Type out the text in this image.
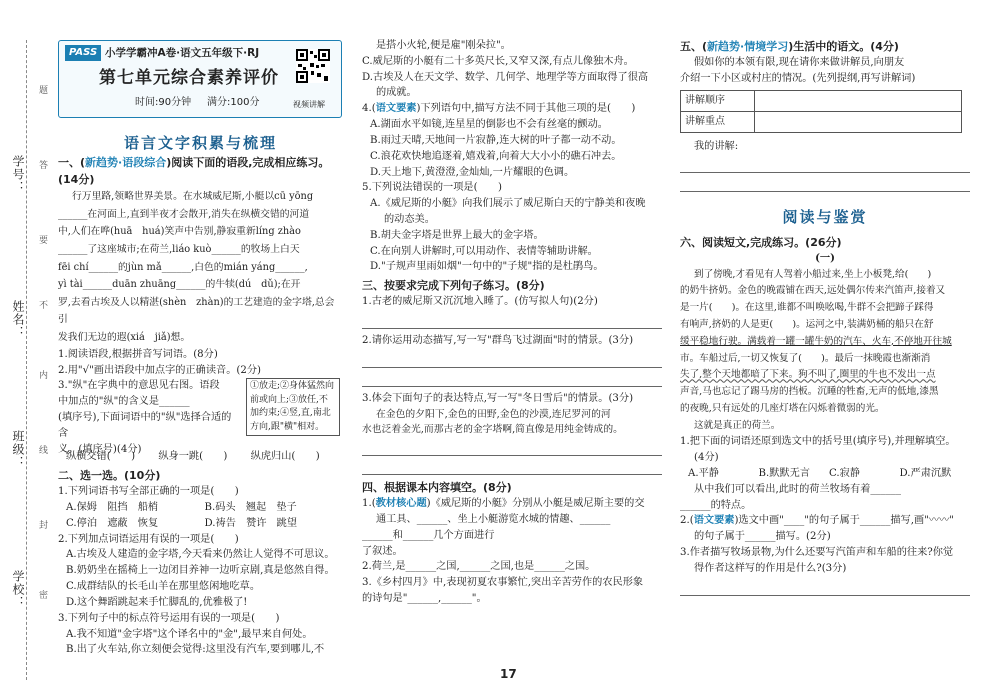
学号：
姓名：
班级：
学校：
题
答
要
不
内
线
封
密
PASS 小学学霸冲A卷·语文五年级下·RJ
第七单元综合素养评价
时间:90分钟 满分:100分	视频讲解
语言文字积累与梳理

一、(新趋势·语段综合)阅读下面的语段,完成相应练习。(14分)

行万里路,领略世界美景。在水城威尼斯,小艇以cū yōng

______在河面上,直到半夜才会散开,消失在纵横交错的河道

中,人们在哗(huā　huá)笑声中告别,静寂重新líng zhào

______了这座城市;在荷兰,liáo kuò______的牧场上白天

fēi chí______的jùn mǎ______,白色的mián yáng______,

yì tài______duān zhuāng______的牛犊(dú　dǔ);在开

罗,去看古埃及人以精湛(shèn　zhàn)的工艺建造的金字塔,总会引

发我们无边的遐(xiá　jiǎ)想。

1.阅读语段,根据拼音写词语。(8分)

2.用"√"画出语段中加点字的正确读音。(2分)

3."纵"在字典中的意思见右图。语段

中加点的"纵"的含义是______

(填序号),下面词语中的"纵"选择合适的含

义。(填序号)(4分)

①放走;②身体猛然向前或向上;③放任,不加约束;④竖,直,南北方向,跟"横"相对。
纵横交错(　　)	纵身一跳(　　)	纵虎归山(　　)

二、选一选。(10分)

1.下列词语书写全部正确的一项是(　　)

A.保姆　阻挡　船梢	B.码头　翘起　垫子
C.停泊　遮蔽　恢复	D.祷告　赞许　跳望

2.下列加点词语运用有误的一项是(　　)

A.古埃及人建造的金字塔,今天看来仍然让人觉得不可思议。

B.奶奶坐在摇椅上一边闭目养神一边听京剧,真是悠然自得。

C.成群结队的长毛山羊在那里悠闲地吃草。

D.这个舞蹈跳起来手忙脚乱的,优雅极了!

3.下列句子中的标点符号运用有误的一项是(　　)

A.我不知道"金字塔"这个译名中的"金",最早来自何处。

B.出了火车站,你立刻便会觉得:这里没有汽车,要到哪儿,不

是搭小火轮,便是雇"刚朵拉"。

C.威尼斯的小艇有二十多英尺长,又窄又深,有点儿像独木舟。

D.古埃及人在天文学、数学、几何学、地理学等方面取得了很高

的成就。

4.(语文要素)下列语句中,描写方法不同于其他三项的是(　　)

A.湖面水平如镜,连星星的倒影也不会有丝毫的颤动。

B.雨过天晴,天地间一片寂静,连大树的叶子都一动不动。

C.浪花欢快地追逐着,嬉戏着,向着大大小小的礁石冲去。

D.天上地下,黄澄澄,金灿灿,一片耀眼的色调。

5.下列说法错误的一项是(　　)

A.《威尼斯的小艇》向我们展示了威尼斯白天的宁静美和夜晚

的动态美。

B.胡夫金字塔是世界上最大的金字塔。

C.在向别人讲解时,可以用动作、表情等辅助讲解。

D."子规声里雨如烟"一句中的"子规"指的是杜鹃鸟。

三、按要求完成下列句子练习。(8分)

1.古老的威尼斯又沉沉地入睡了。(仿写拟人句)(2分)

2.请你运用动态描写,写一写"群鸟飞过湖面"时的情景。(3分)

3.体会下面句子的表达特点,写一写"冬日雪后"的情景。(3分)

在金色的夕阳下,金色的田野,金色的沙漠,连尼罗河的河

水也泛着金光,而那古老的金字塔啊,简直像是用纯金铸成的。

四、根据课本内容填空。(8分)

1.(教材核心题)《威尼斯的小艇》分别从小艇是威尼斯主要的交

通工具、______、坐上小艇游览水城的情趣、______

______和______几个方面进行

了叙述。

2.荷兰,是______之国,______之国,也是______之国。

3.《乡村四月》中,表现初夏农事繁忙,突出辛苦劳作的农民形象

的诗句是"______,______"。

17

五、(新趋势·情境学习)生活中的语文。(4分)

假如你的本领有限,现在请你来做讲解员,向朋友

介绍一下小区或村庄的情况。(先列提纲,再写讲解词)

讲解顺序	
讲解重点	

我的讲解:

阅读与鉴赏

六、阅读短文,完成练习。(26分)

(一)

到了傍晚,才看见有人驾着小船过来,坐上小板凳,给(　　)

的奶牛挤奶。金色的晚霞铺在西天,远处偶尔传来汽笛声,接着又

是一片(　　)。在这里,谁都不叫唤吆喝,牛群不会把蹄子踩得

有响声,挤奶的人是更(　　)。运河之中,装满奶桶的船只在舒

缓平稳地行驶。满载着一罐一罐牛奶的汽车、火车,不停地开往城

市。车船过后,一切又恢复了(　　)。最后一抹晚霞也渐渐消

失了,整个天地都暗了下来。狗不叫了,圈里的牛也不发出一点

声音,马也忘记了踢马房的挡板。沉睡的牲畜,无声的低地,漆黑

的夜晚,只有远处的几座灯塔在闪烁着微弱的光。

这就是真正的荷兰。

1.把下面的词语还原到选文中的括号里(填序号),并理解填空。

(4分)

A.平静	B.默默无言	C.寂静	D.严肃沉默

从中我们可以看出,此时的荷兰牧场有着______

______的特点。

2.(语文要素)选文中画"____"的句子属于______描写,画"〰〰"

的句子属于______描写。(2分)

3.作者描写牧场景物,为什么还要写汽笛声和车船的往来?你觉

得作者这样写的作用是什么?(3分)
